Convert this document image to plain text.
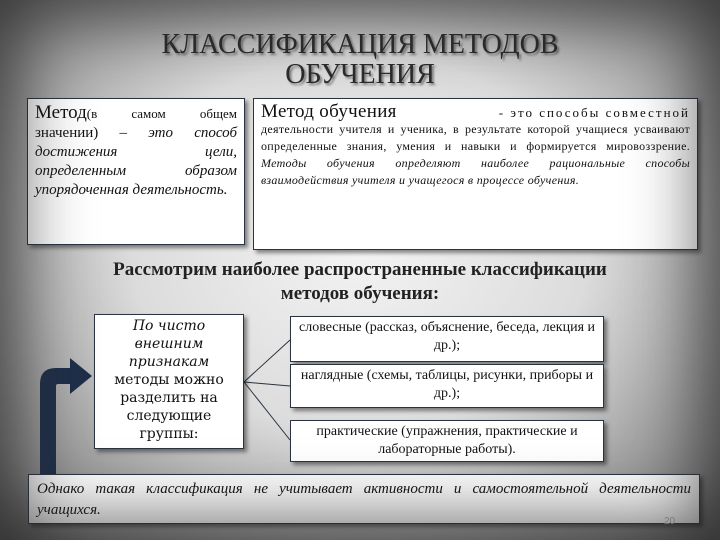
КЛАССИФИКАЦИЯ МЕТОДОВ
ОБУЧЕНИЯ
Метод(в самом общем значении) – это способ достижения цели, определенным образом упорядоченная деятельность.
Метод обучения	- это способы совместной
деятельности учителя и ученика, в результате которой учащиеся усваивают определенные знания, умения и навыки и формируется мировоззрение. Методы обучения определяют наиболее рациональные способы взаимодействия учителя и учащегося в процессе обучения.
Рассмотрим наиболее распространенные классификации
методов обучения:
По чисто
внешним
признакам
методы можно
разделить на
следующие
группы:
словесные (рассказ, объяснение, беседа, лекция и др.);
наглядные (схемы, таблицы, рисунки, приборы и др.);
практические (упражнения, практические и лабораторные работы).
Однако такая классификация не учитывает активности и самостоятельной деятельности учащихся.
20
